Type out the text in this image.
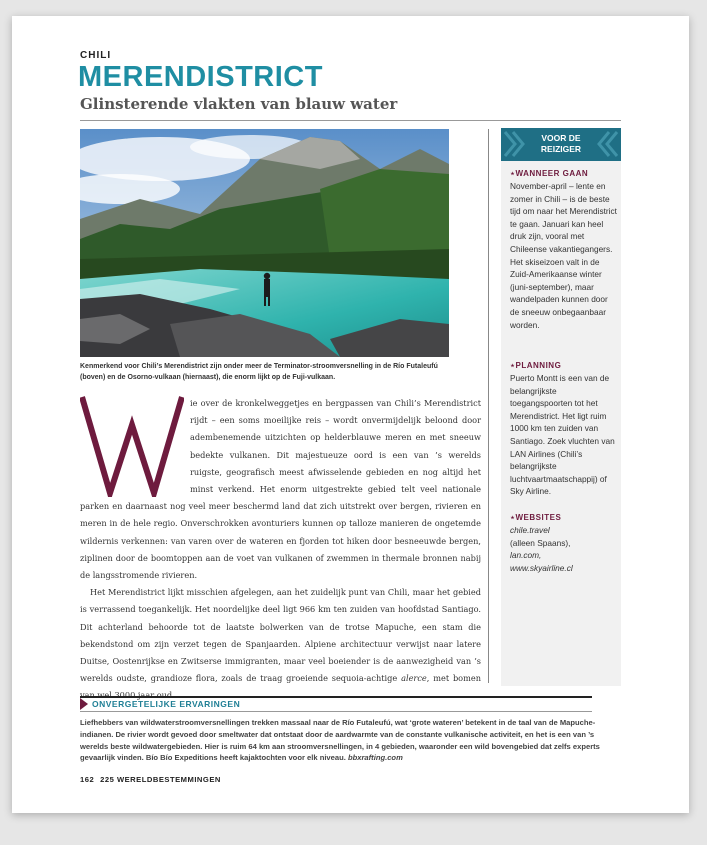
CHILI
MERENDISTRICT
Glinsterende vlakten van blauw water
Kenmerkend voor Chili’s Merendistrict zijn onder meer de Terminator-stroomversnelling in de Río Futaleufú (boven) en de Osorno-vulkaan (hiernaast), die enorm lijkt op de Fuji-vulkaan.

ie over de kronkelweggetjes en bergpassen van Chili’s Merendistrict rijdt – een soms moeilijke reis – wordt onvermijdelijk beloond door adembenemende uitzichten op helderblauwe meren en met sneeuw bedekte vulkanen. Dit majestueuze oord is een van ’s werelds ruigste, geografisch meest afwisselende gebieden en nog altijd het minst verkend. Het enorm uitgestrekte gebied telt veel nationale parken en daarnaast nog veel meer beschermd land dat zich uitstrekt over bergen, rivieren en meren in de hele regio. Onverschrokken avonturiers kunnen op talloze manieren de ongetemde wildernis verkennen: van varen over de wateren en fjorden tot hiken door besneeuwde bergen, ziplinen door de boomtoppen aan de voet van vulkanen of zwemmen in thermale bronnen nabij de langsstromende rivieren.

Het Merendistrict lijkt misschien afgelegen, aan het zuidelijk punt van Chili, maar het gebied is verrassend toegankelijk. Het noordelijke deel ligt 966 km ten zuiden van hoofdstad Santiago. Dit achterland behoorde tot de laatste bolwerken van de trotse Mapuche, een stam die bekendstond om zijn verzet tegen de Spanjaarden. Alpiene architectuur verwijst naar latere Duitse, Oostenrijkse en Zwitserse immigranten, maar veel boeiender is de aanwezigheid van ’s werelds oudste, grandioze flora, zoals de traag groeiende sequoia-achtige alerce, met bomen

VOOR DE
REIZIGER
⋆WANNEER GAAN
November-april – lente en zomer in Chili – is de beste tijd om naar het Merendistrict te gaan. Januari kan heel druk zijn, vooral met Chileense vakantiegangers. Het skiseizoen valt in de Zuid-Amerikaanse winter (juni-september), maar wandelpaden kunnen door de sneeuw onbegaanbaar worden.
⋆PLANNING
Puerto Montt is een van de belangrijkste toegangspoorten tot het Merendistrict. Het ligt ruim 1000 km ten zuiden van Santiago. Zoek vluchten van LAN Airlines (Chili’s belangrijkste luchtvaartmaatschappij) of Sky Airline.
⋆WEBSITES
chile.travel
(alleen Spaans),
lan.com,
www.skyairline.cl
ONVERGETELIJKE ERVARINGEN
Liefhebbers van wildwaterstroomversnellingen trekken massaal naar de Río Futaleufú, wat ‘grote wateren’ betekent in de taal van de Mapuche-indianen. De rivier wordt gevoed door smeltwater dat ontstaat door de aardwarmte van de constante vulkanische activiteit, en het is een van ’s werelds beste wildwatergebieden. Hier is ruim 64 km aan stroomversnellingen, in 4 gebieden, waaronder een wild bovengebied dat zelfs experts gevaarlijk vinden. Bío Bío Expeditions heeft kajaktochten voor elk niveau. bbxrafting.com
162 225 WERELDBESTEMMINGEN
